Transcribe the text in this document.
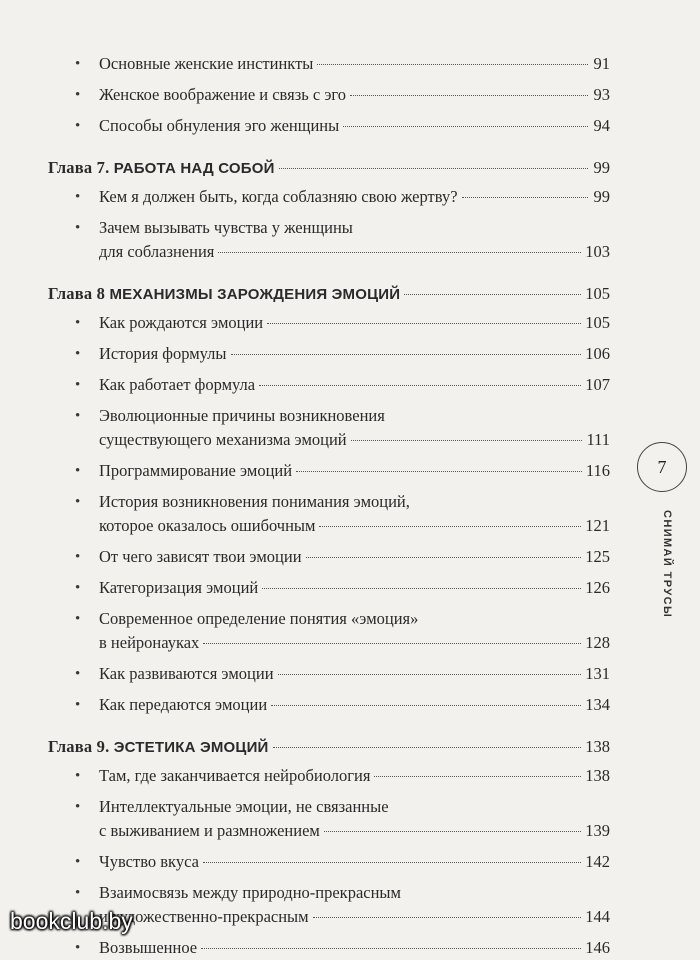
• Основные женские инстинкты	91
• Женское воображение и связь с эго	93
• Способы обнуления эго женщины	94
Глава 7. РАБОТА НАД СОБОЙ	99
• Кем я должен быть, когда соблазняю свою жертву?	99
• Зачем вызывать чувства у женщины
для соблазнения	103
Глава 8 МЕХАНИЗМЫ ЗАРОЖДЕНИЯ ЭМОЦИЙ	105
• Как рождаются эмоции	105
• История формулы	106
• Как работает формула	107
• Эволюционные причины возникновения
существующего механизма эмоций	111
• Программирование эмоций	116
• История возникновения понимания эмоций,
которое оказалось ошибочным	121
• От чего зависят твои эмоции	125
• Категоризация эмоций	126
• Современное определение понятия «эмоция»
в нейронауках	128
• Как развиваются эмоции	131
• Как передаются эмоции	134
Глава 9. ЭСТЕТИКА ЭМОЦИЙ	138
• Там, где заканчивается нейробиология	138
• Интеллектуальные эмоции, не связанные
с выживанием и размножением	139
• Чувство вкуса	142
• Взаимосвязь между природно-прекрасным
и художественно-прекрасным	144
• Возвышенное	146
7
СНИМАЙ ТРУСЫ
bookclub.by
